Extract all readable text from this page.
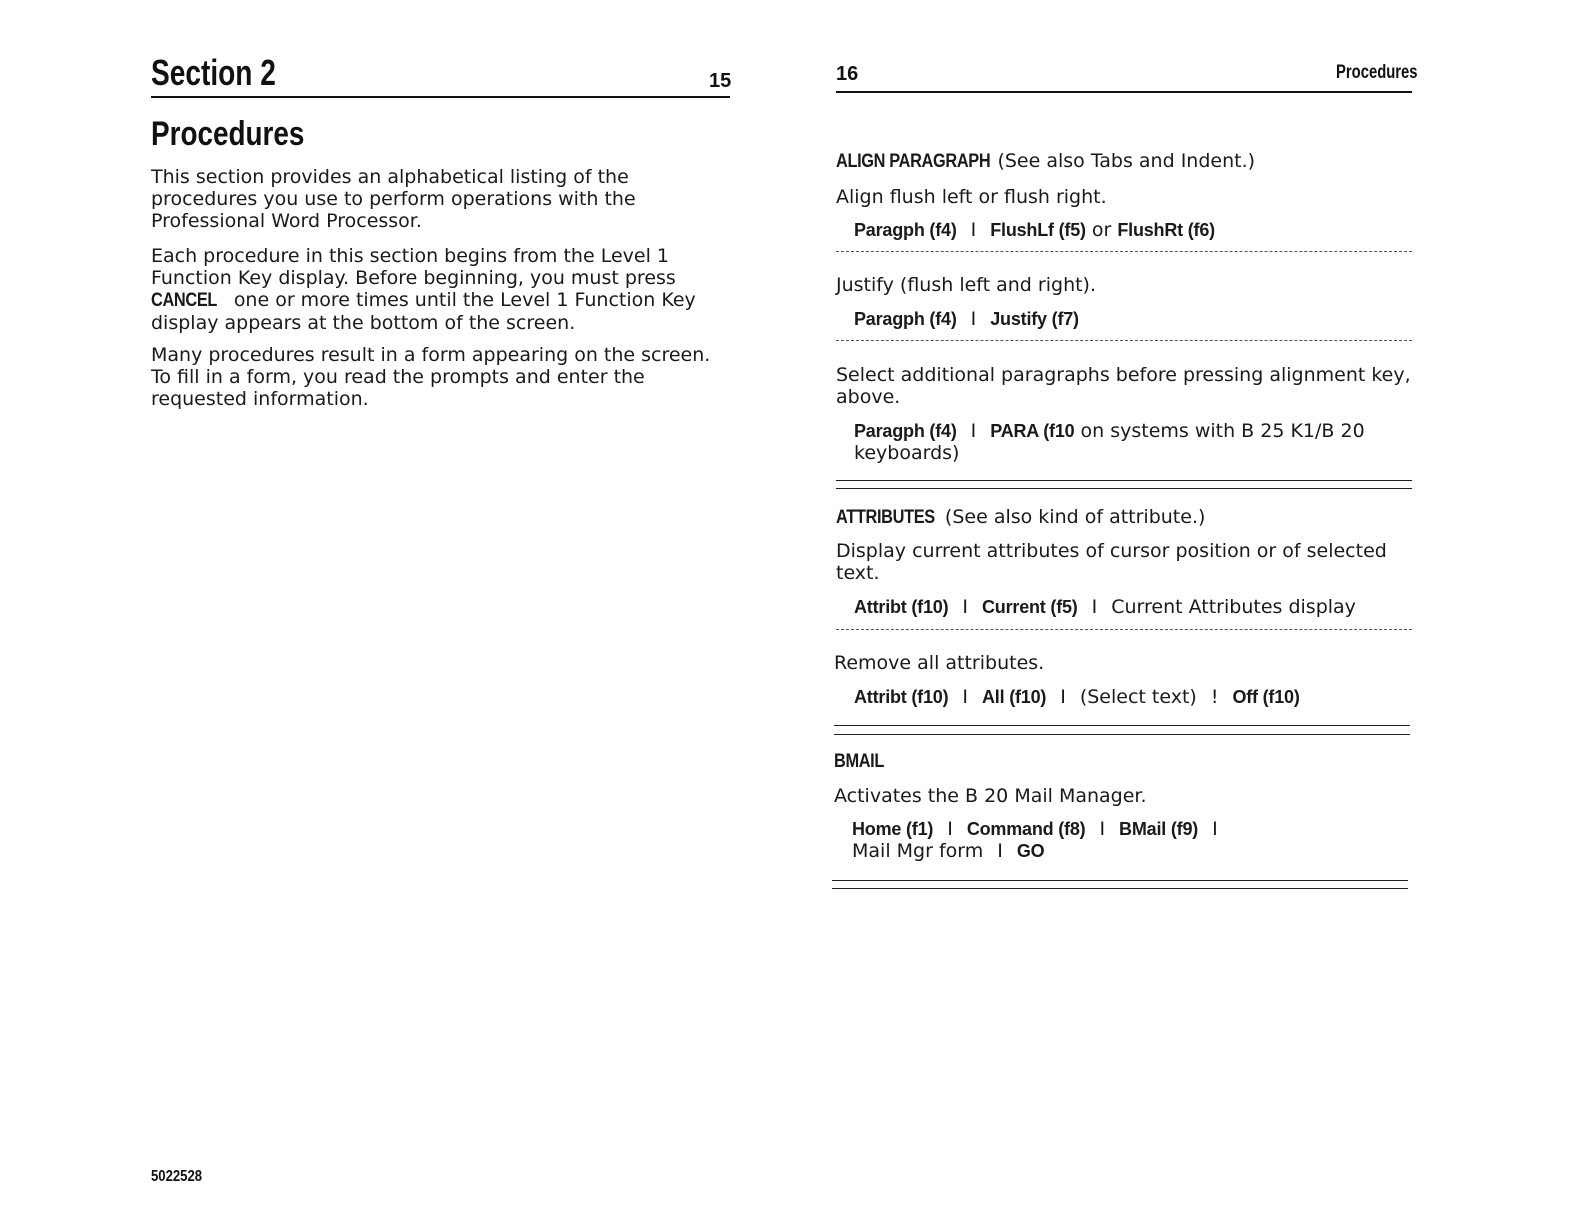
Section 2	15
Procedures
This section provides an alphabetical listing of the
procedures you use to perform operations with the
Professional Word Processor.
Each procedure in this section begins from the Level 1
Function Key display. Before beginning, you must press
CANCEL one or more times until the Level 1 Function Key
display appears at the bottom of the screen.
Many procedures result in a form appearing on the screen.
To fill in a form, you read the prompts and enter the
requested information.
5022528
16	Procedures
ALIGN PARAGRAPH (See also Tabs and Indent.)
Align flush left or flush right.
Paragph (f4) I FlushLf (f5) or FlushRt (f6)
Justify (flush left and right).
Paragph (f4) I Justify (f7)
Select additional paragraphs before pressing alignment key,
above.
Paragph (f4) I PARA (f10 on systems with B 25 K1/B 20
keyboards)
ATTRIBUTES (See also kind of attribute.)
Display current attributes of cursor position or of selected
text.
Attribt (f10) I Current (f5) I Current Attributes display
Remove all attributes.
Attribt (f10) I All (f10) I (Select text) ! Off (f10)
BMAIL
Activates the B 20 Mail Manager.
Home (f1) I Command (f8) I BMail (f9) I
Mail Mgr form I GO
